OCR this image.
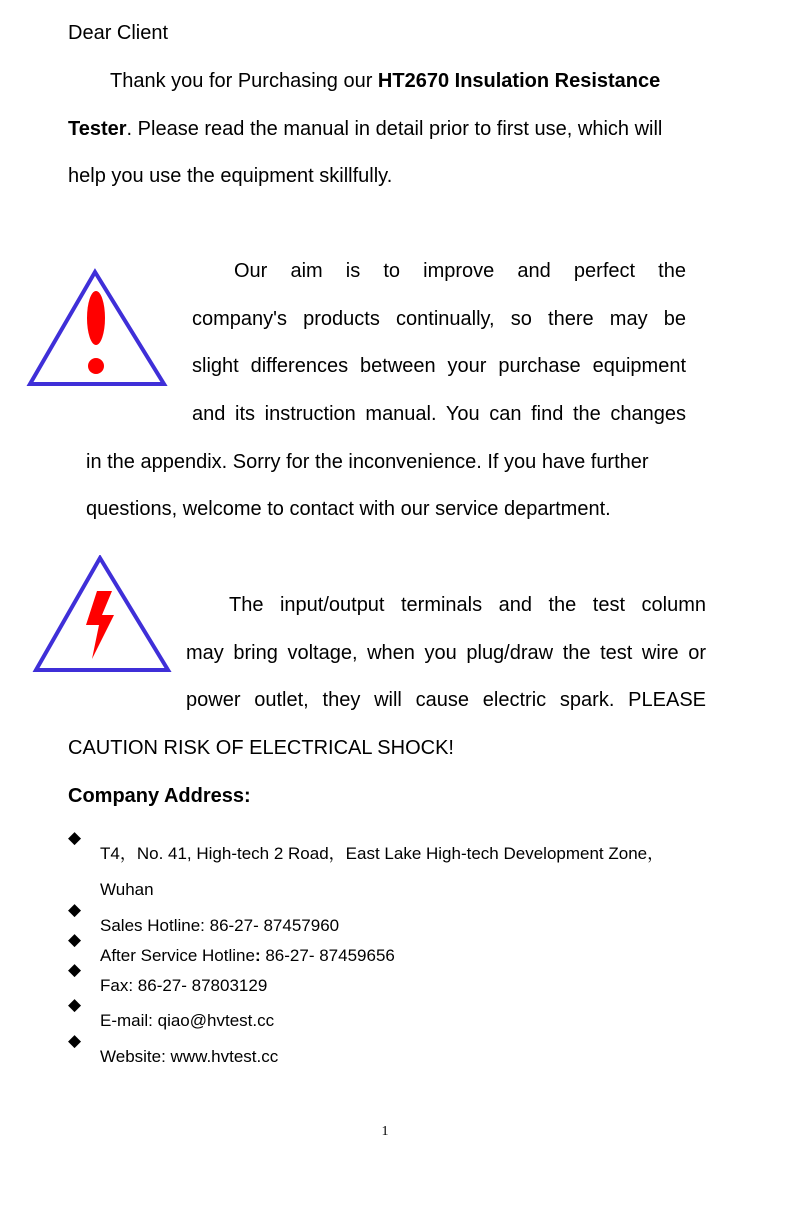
Dear Client

Thank you for Purchasing our HT2670 Insulation Resistance

Tester. Please read the manual in detail prior to first use, which will

help you use the equipment skillfully.

Our aim is to improve and perfect the

company's products continually, so there may be

slight differences between your purchase equipment

and its instruction manual. You can find the changes

in the appendix. Sorry for the inconvenience. If you have further

questions, welcome to contact with our service department.

The input/output terminals and the test column

may bring voltage, when you plug/draw the test wire or

power outlet, they will cause electric spark. PLEASE

CAUTION RISK OF ELECTRICAL SHOCK!

Company Address:

◆

T4，No. 41, High-tech 2 Road，East Lake High-tech Development Zone，

Wuhan

◆

Sales Hotline: 86-27- 87457960

◆

After Service Hotline: 86-27- 87459656

◆

Fax: 86-27- 87803129

◆

E-mail: qiao@hvtest.cc

◆

Website: www.hvtest.cc

1
